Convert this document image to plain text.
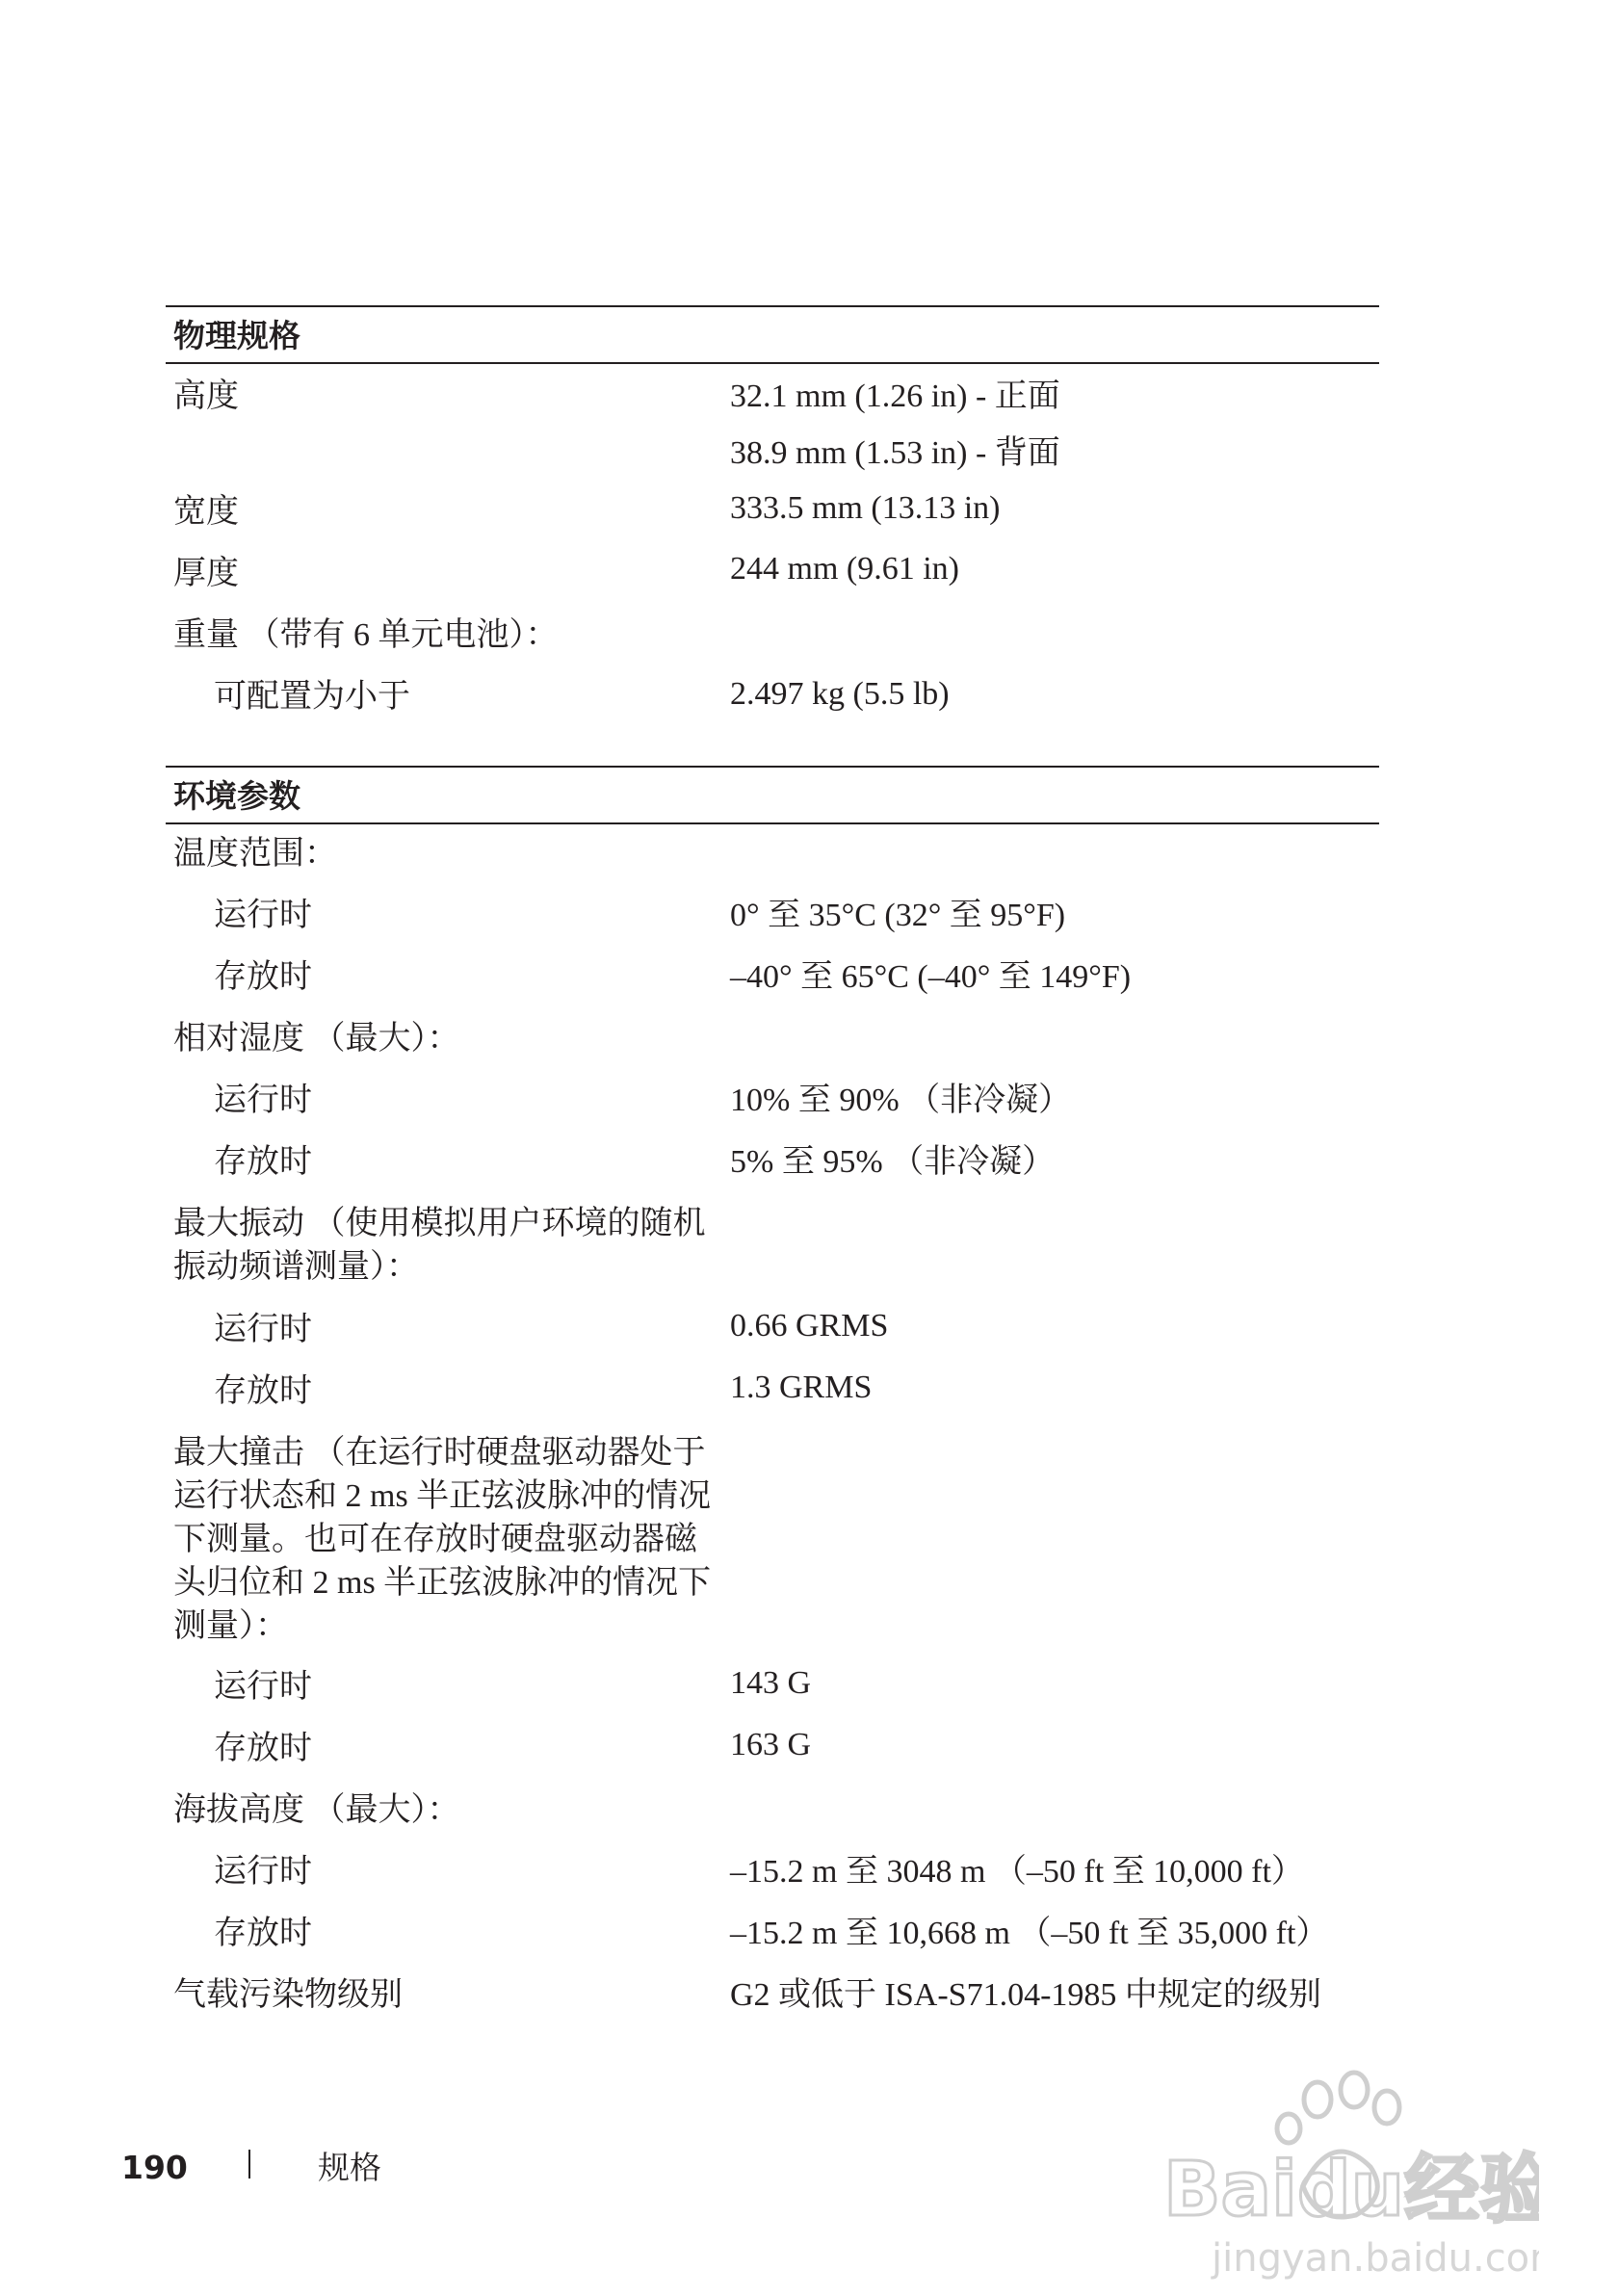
物理规格
高度	32.1 mm (1.26 in) - 正面
38.9 mm (1.53 in) - 背面
宽度	333.5 mm (13.13 in)
厚度	244 mm (9.61 in)
重量 （带有 6 单元电池）：
可配置为小于	2.497 kg (5.5 lb)
环境参数
温度范围：
运行时	0° 至 35°C (32° 至 95°F)
存放时	–40° 至 65°C (–40° 至 149°F)
相对湿度 （最大）：
运行时	10% 至 90% （非冷凝）
存放时	5% 至 95% （非冷凝）
最大振动 （使用模拟用户环境的随机振动频谱测量）：
运行时	0.66 GRMS
存放时	1.3 GRMS
最大撞击 （在运行时硬盘驱动器处于运行状态和 2 ms 半正弦波脉冲的情况下测量。也可在存放时硬盘驱动器磁头归位和 2 ms 半正弦波脉冲的情况下测量）：
运行时	143 G
存放时	163 G
海拔高度 （最大）：
运行时	–15.2 m 至 3048 m （–50 ft 至 10,000 ft）
存放时	–15.2 m 至 10,668 m （–50 ft 至 35,000 ft）
气载污染物级别	G2 或低于 ISA-S71.04-1985 中规定的级别
190	规格	Baidu经验
jingyan.baidu.com
